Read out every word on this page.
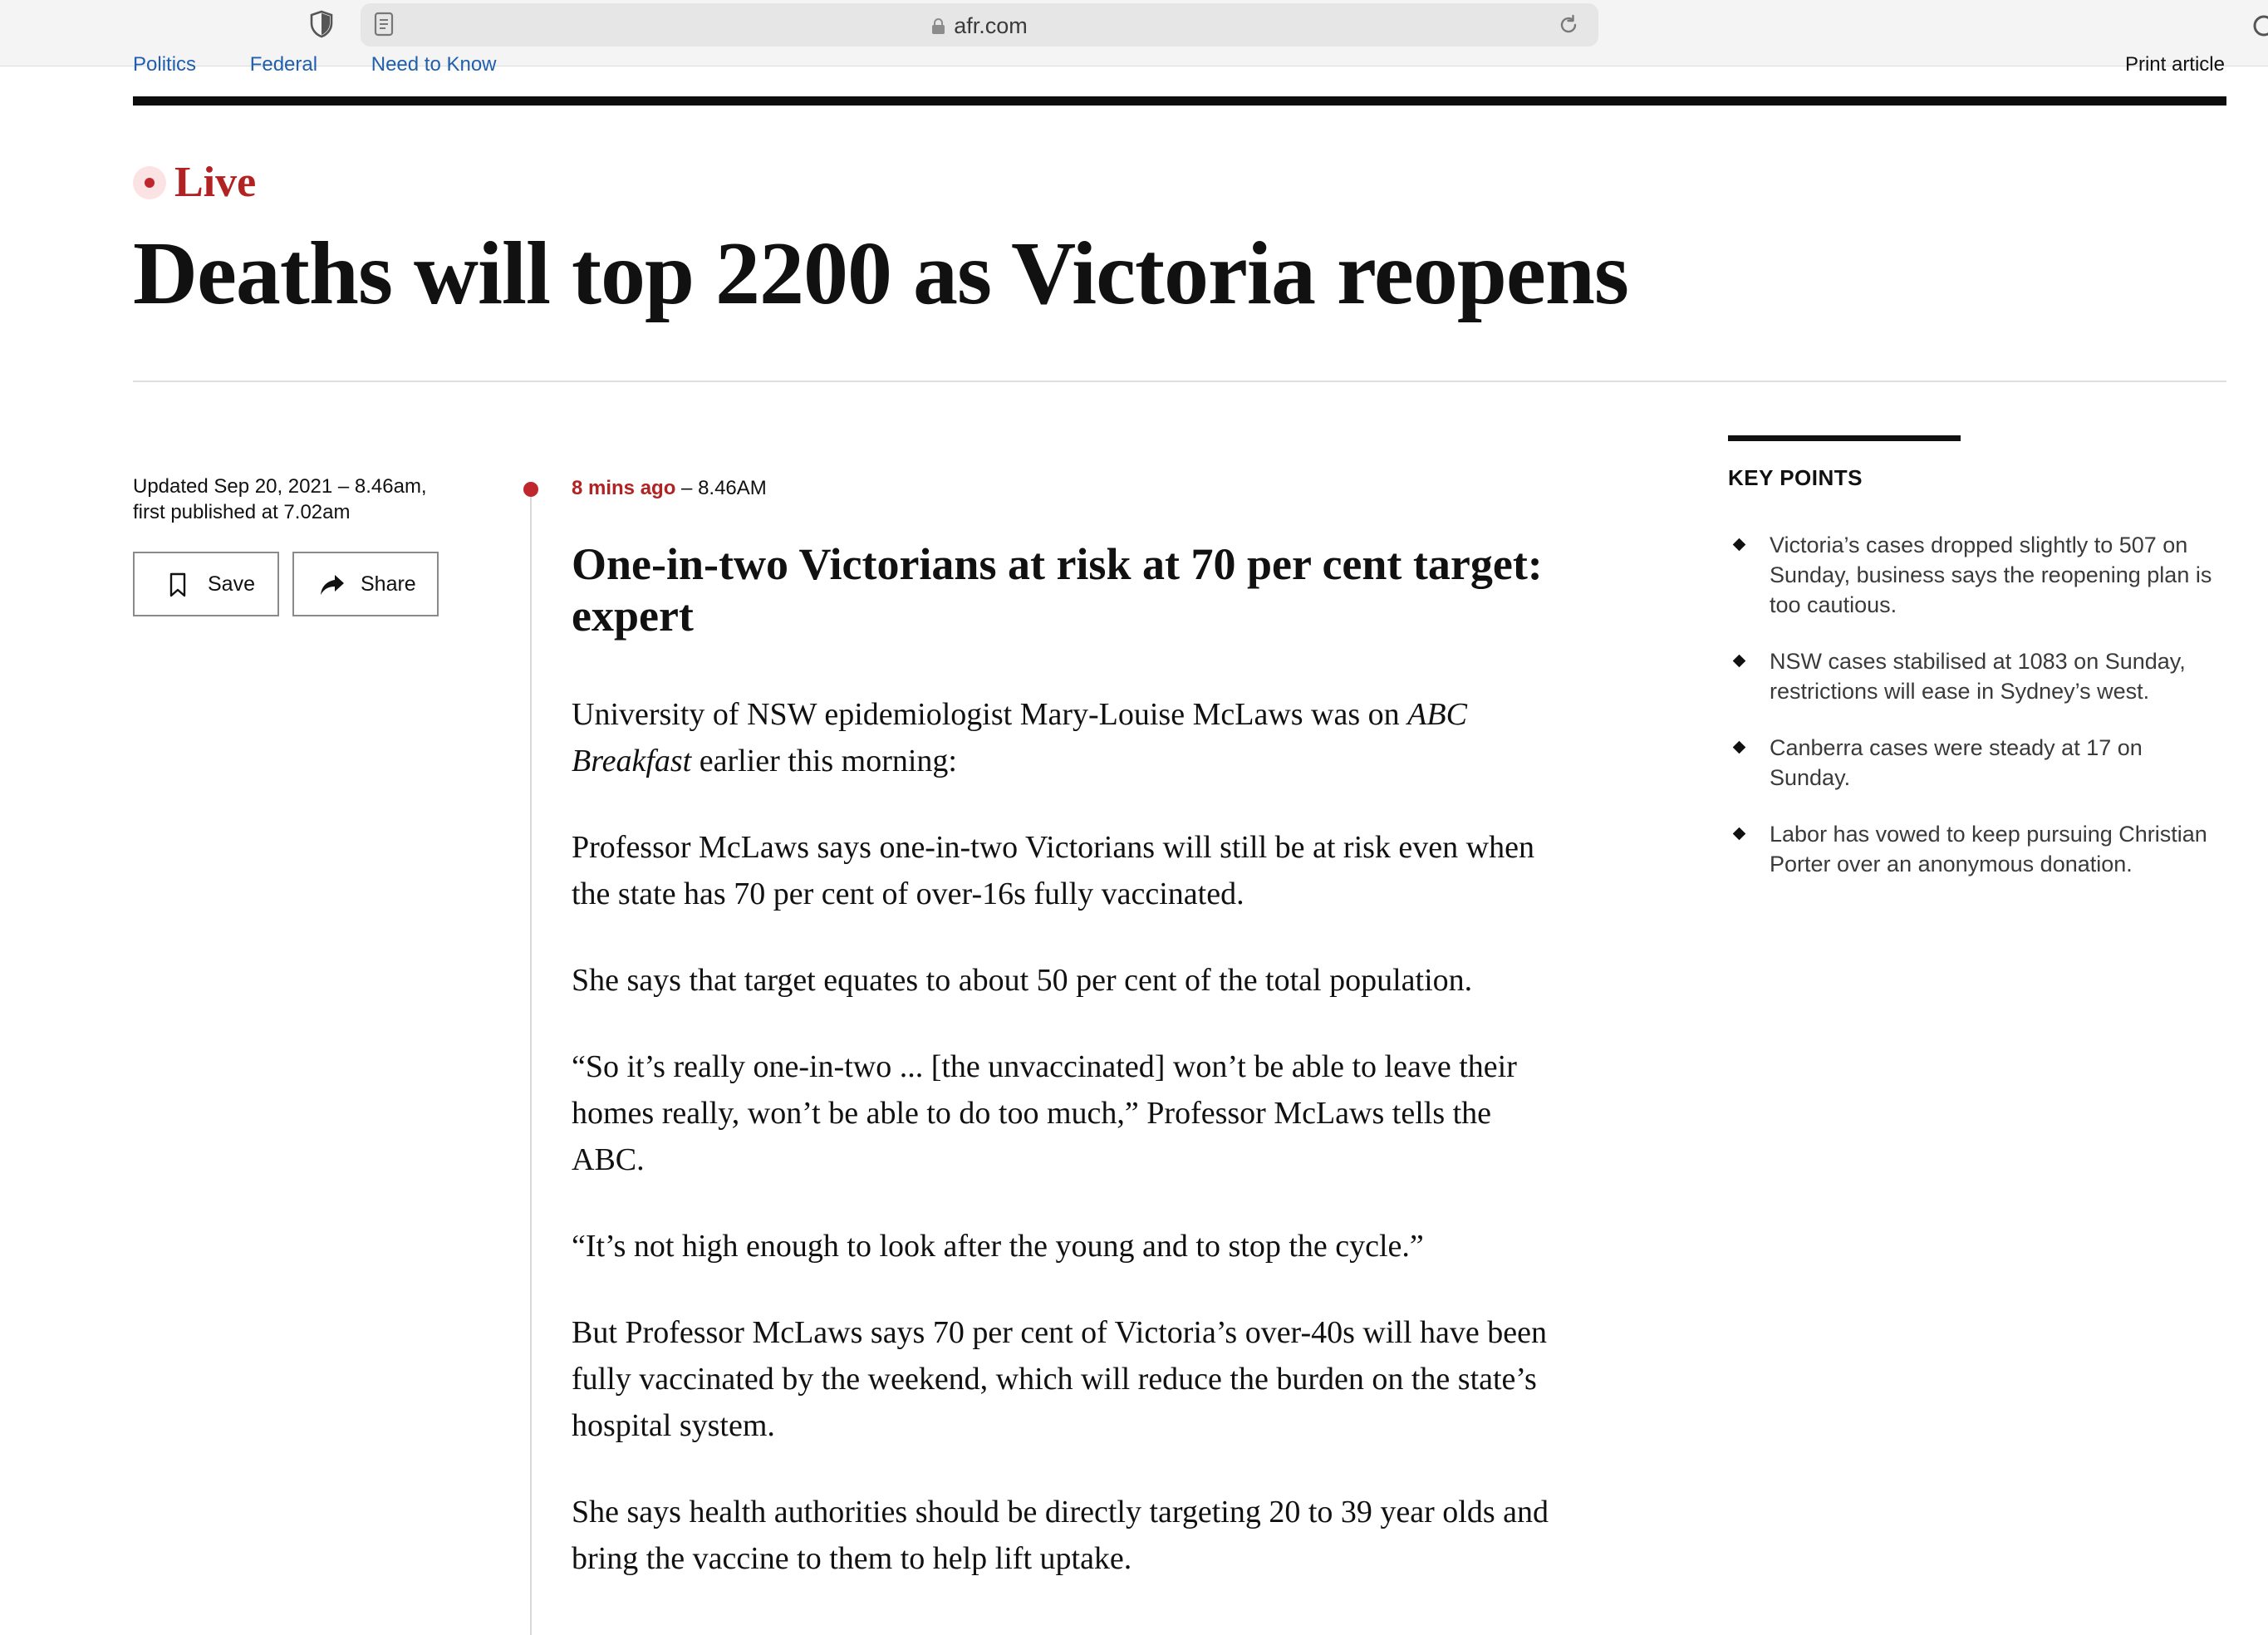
afr.com
Politics	Federal	Need to Know	Print article
Live
Deaths will top 2200 as Victoria reopens
Updated Sep 20, 2021 – 8.46am,
first published at 7.02am
Save	Share
8 mins ago – 8.46AM
One-in-two Victorians at risk at 70 per cent target: expert

University of NSW epidemiologist Mary-Louise McLaws was on ABC Breakfast earlier this morning:

Professor McLaws says one-in-two Victorians will still be at risk even when the state has 70 per cent of over-16s fully vaccinated.

She says that target equates to about 50 per cent of the total population.

“So it’s really one-in-two ... [the unvaccinated] won’t be able to leave their homes really, won’t be able to do too much,” Professor McLaws tells the ABC.

“It’s not high enough to look after the young and to stop the cycle.”

But Professor McLaws says 70 per cent of Victoria’s over-40s will have been fully vaccinated by the weekend, which will reduce the burden on the state’s hospital system.

She says health authorities should be directly targeting 20 to 39 year olds and bring the vaccine to them to help lift uptake.

KEY POINTS
Victoria’s cases dropped slightly to 507 on Sunday, business says the reopening plan is too cautious.
NSW cases stabilised at 1083 on Sunday, restrictions will ease in Sydney’s west.
Canberra cases were steady at 17 on Sunday.
Labor has vowed to keep pursuing Christian Porter over an anonymous donation.
